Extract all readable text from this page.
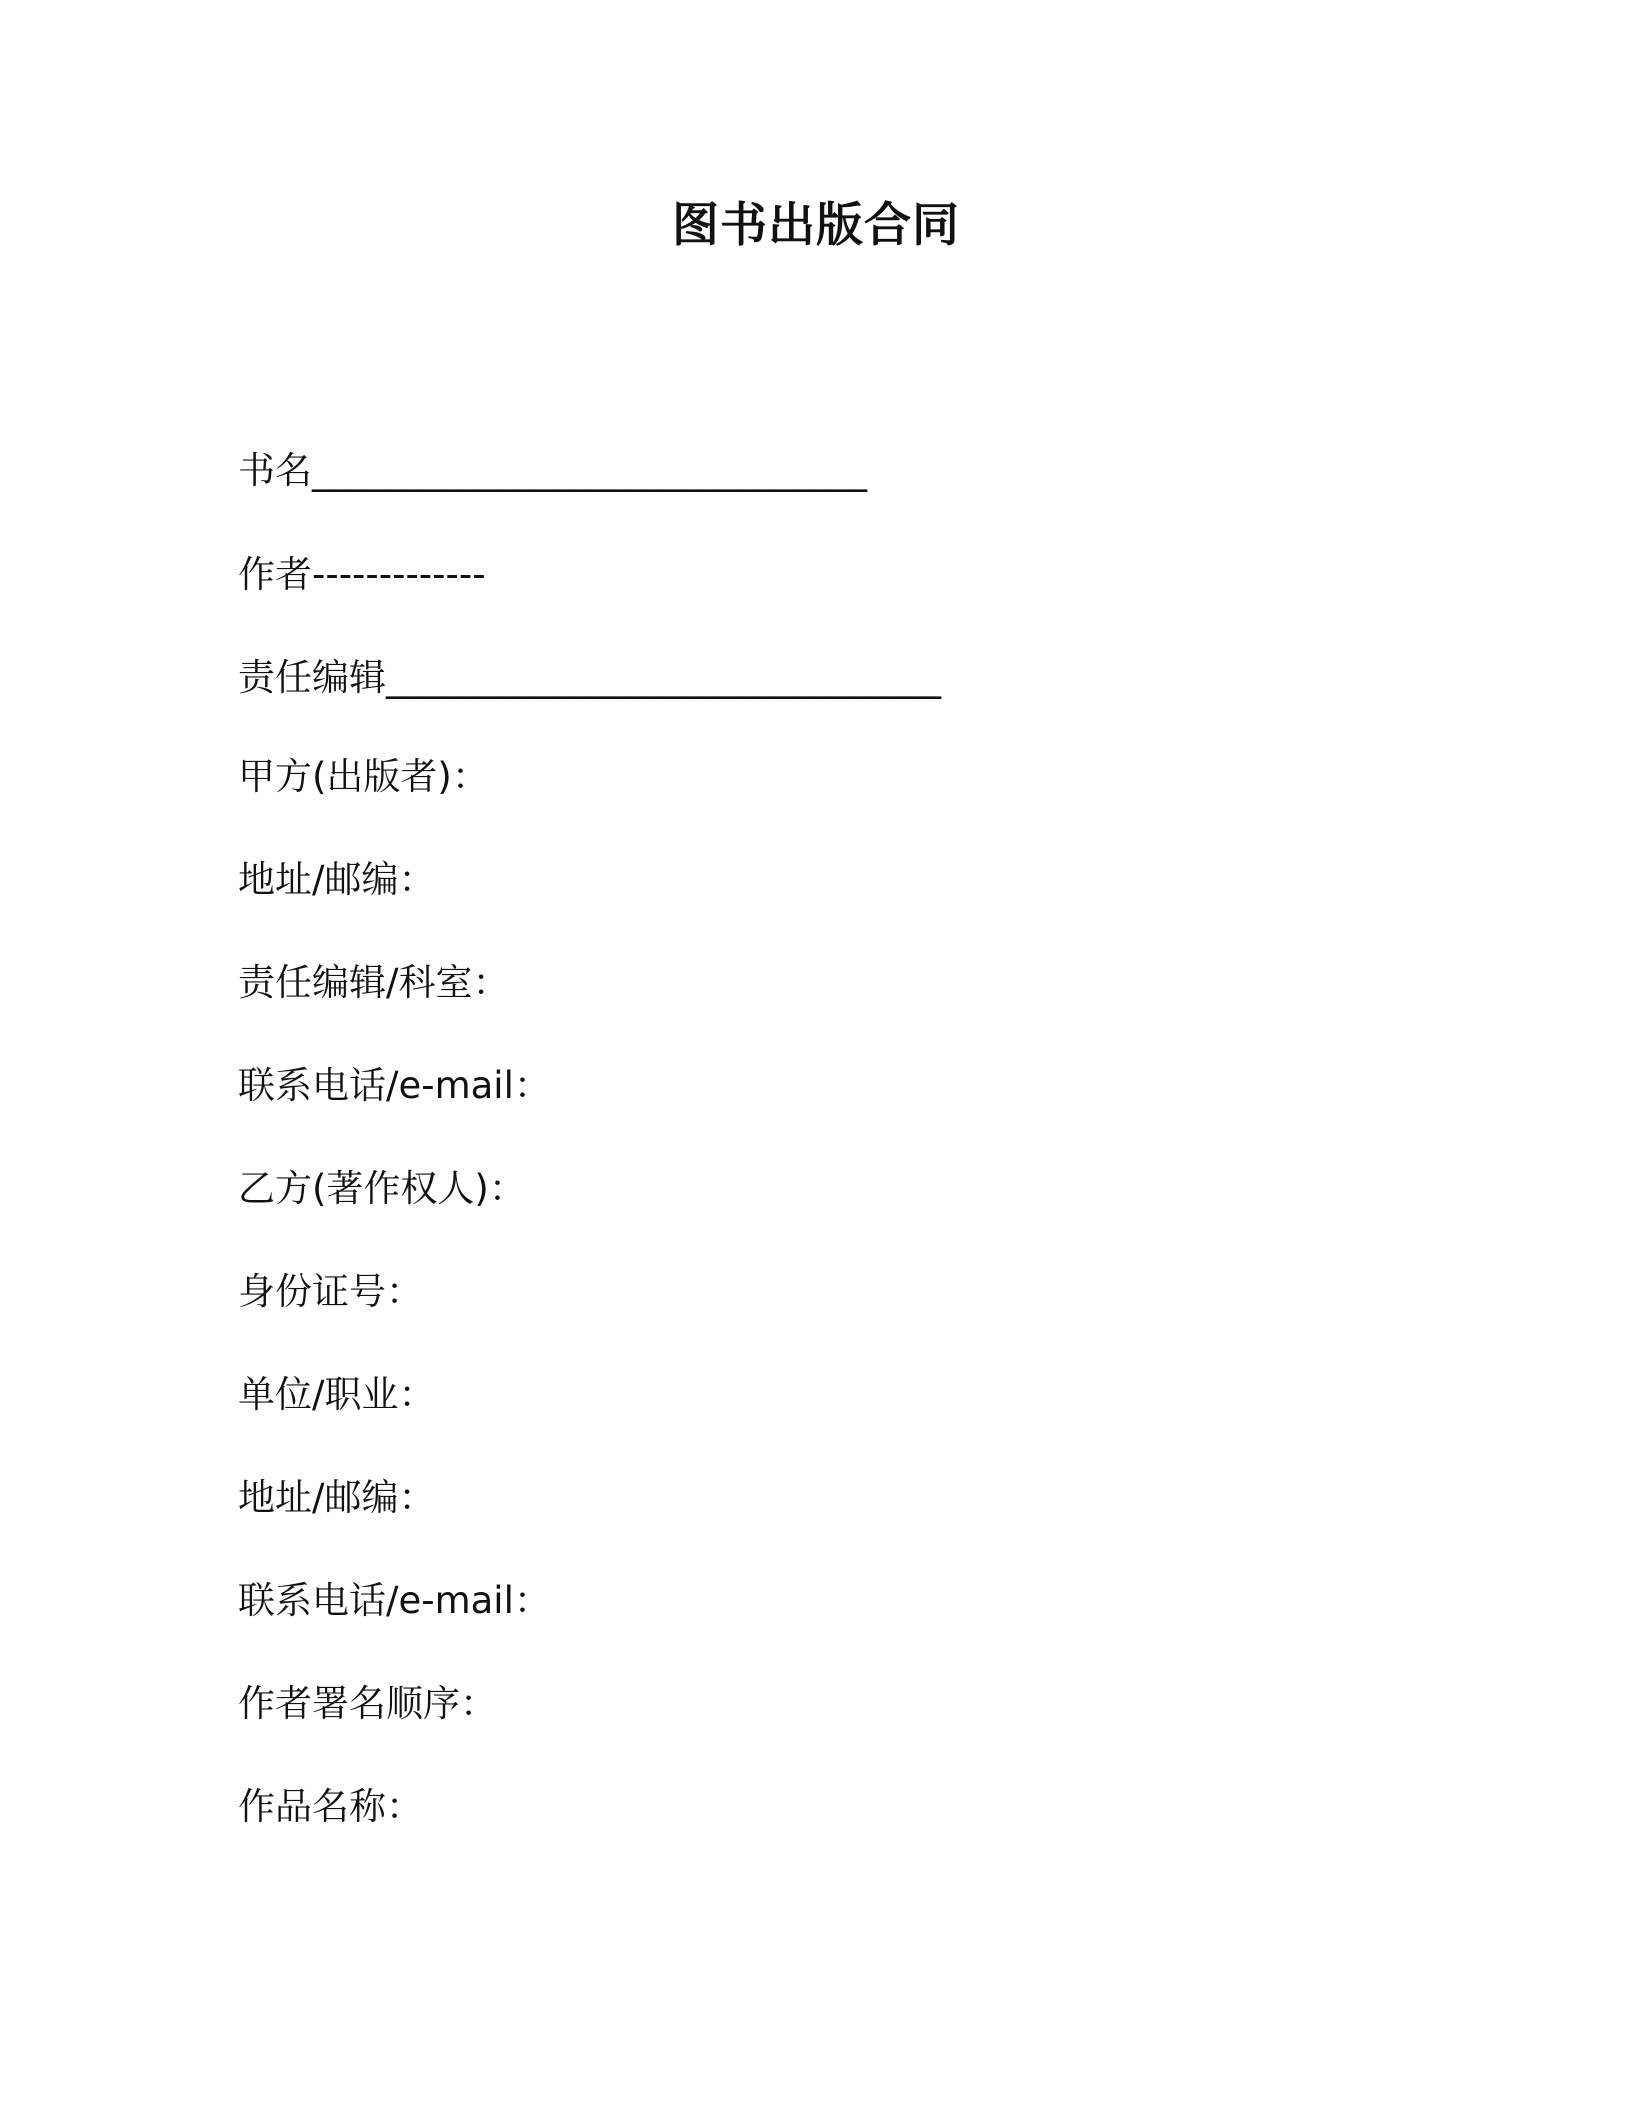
图书出版合同
书名______________________________
作者-------------
责任编辑______________________________
甲方(出版者)：
地址/邮编：
责任编辑/科室：
联系电话/e-mail：
乙方(著作权人)：
身份证号：
单位/职业：
地址/邮编：
联系电话/e-mail：
作者署名顺序：
作品名称：
